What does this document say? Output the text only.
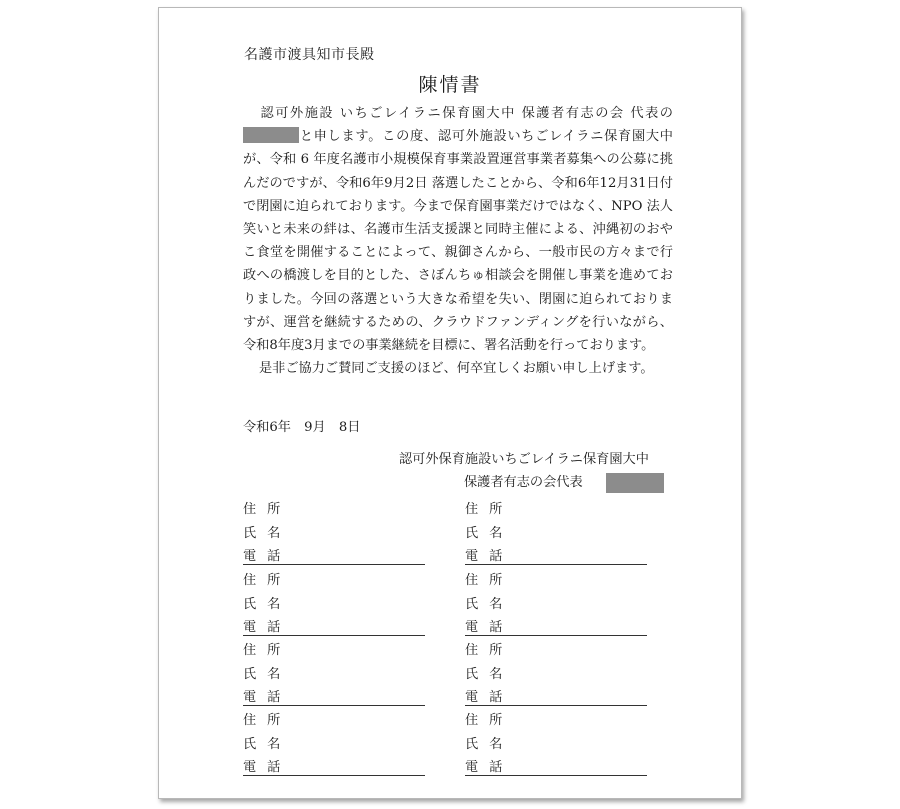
名護市渡具知市長殿
陳情書

認可外施設 いちごレイラニ保育園大中 保護者有志の会 代表のと申します。この度、認可外施設いちごレイラニ保育園大中が、令和 6 年度名護市小規模保育事業設置運営事業者募集への公募に挑んだのですが、令和6年9月2日 落選したことから、令和6年12月31日付で閉園に迫られております。今まで保育園事業だけではなく、NPO 法人笑いと未来の絆は、名護市生活支援課と同時主催による、沖縄初のおやこ食堂を開催することによって、親御さんから、一般市民の方々まで行政への橋渡しを目的とした、さぼんちゅ相談会を開催し事業を進めておりました。今回の落選という大きな希望を失い、閉園に迫られておりますが、運営を継続するための、クラウドファンディングを行いながら、令和8年度3月までの事業継続を目標に、署名活動を行っております。

是非ご協力ご賛同ご支援のほど、何卒宜しくお願い申し上げます。

令和6年　9月　8日
認可外保育施設いちごレイラニ保育園大中
保護者有志の会代表
住所
氏名
電話
住所
氏名
電話
住所
氏名
電話
住所
氏名
電話
住所
氏名
電話
住所
氏名
電話
住所
氏名
電話
住所
氏名
電話
